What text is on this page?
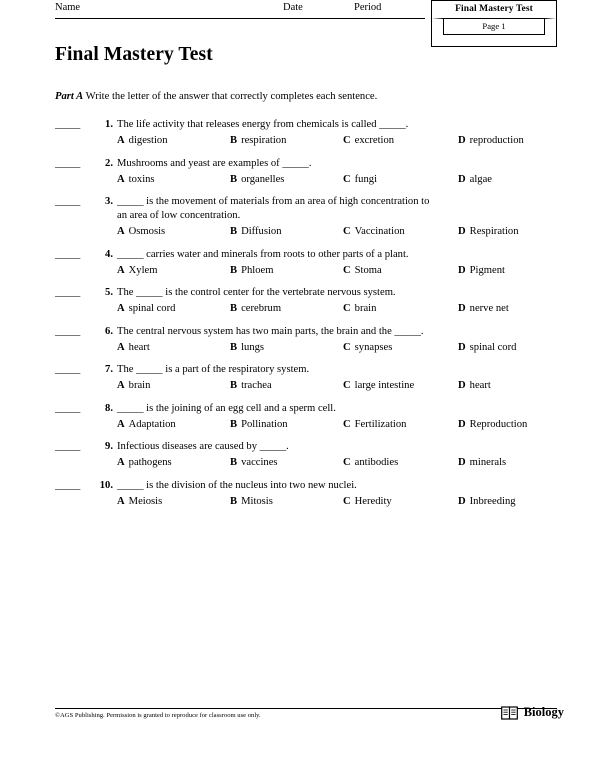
Name	Date	Period	Final Mastery Test
Page 1
Final Mastery Test
Part A Write the letter of the answer that correctly completes each sentence.
_____	1. The life activity that releases energy from chemicals is called _____.
A digestion	B respiration	C excretion	D reproduction
_____	2. Mushrooms and yeast are examples of _____.
A toxins	B organelles	C fungi	D algae
_____	3. _____ is the movement of materials from an area of high concentration to
an area of low concentration.
A Osmosis	B Diffusion	C Vaccination	D Respiration
_____	4. _____ carries water and minerals from roots to other parts of a plant.
A Xylem	B Phloem	C Stoma	D Pigment
_____	5. The _____ is the control center for the vertebrate nervous system.
A spinal cord	B cerebrum	C brain	D nerve net
_____	6. The central nervous system has two main parts, the brain and the _____.
A heart	B lungs	C synapses	D spinal cord
_____	7. The _____ is a part of the respiratory system.
A brain	B trachea	C large intestine	D heart
_____	8. _____ is the joining of an egg cell and a sperm cell.
A Adaptation	B Pollination	C Fertilization	D Reproduction
_____	9. Infectious diseases are caused by _____.
A pathogens	B vaccines	C antibodies	D minerals
_____	10. _____ is the division of the nucleus into two new nuclei.
A Meiosis	B Mitosis	C Heredity	D Inbreeding
©AGS Publishing. Permission is granted to reproduce for classroom use only.	Biology
